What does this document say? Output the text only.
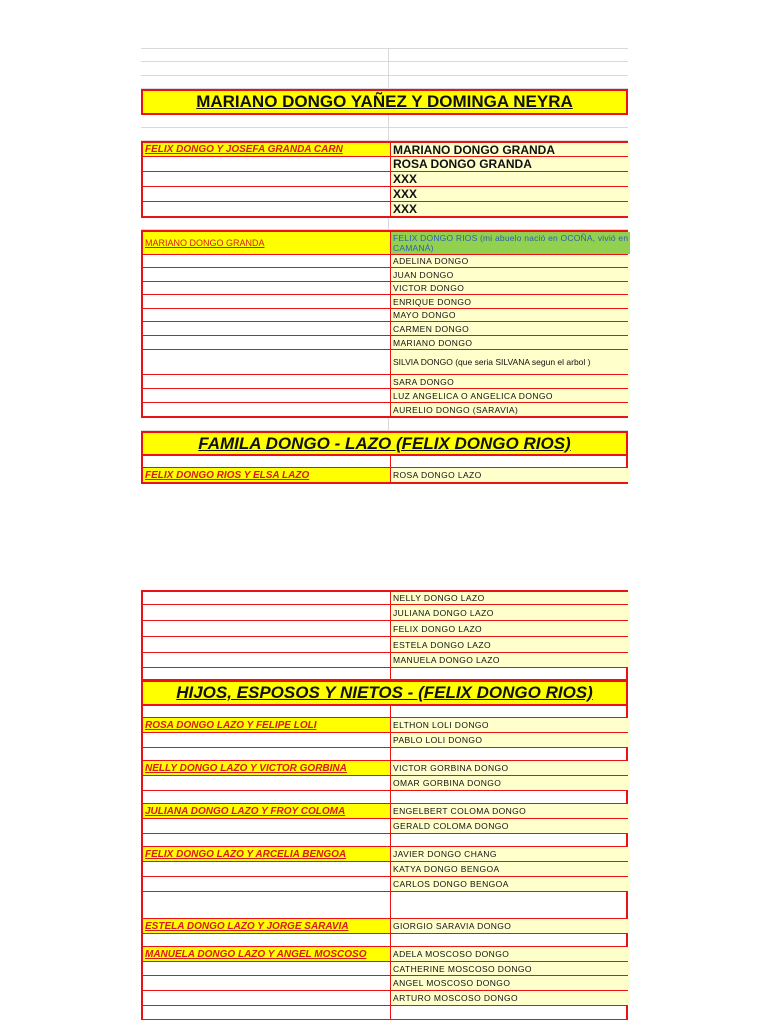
MARIANO DONGO YAÑEZ Y DOMINGA NEYRA
FELIX DONGO Y JOSEFA GRANDA CARN	MARIANO DONGO GRANDA
ROSA DONGO GRANDA
XXX
XXX
XXX
MARIANO DONGO GRANDA	FELIX DONGO RIOS (mi abuelo nació en OCOÑA, vivió en CAMANÁ)
ADELINA DONGO
JUAN DONGO
VICTOR DONGO
ENRIQUE DONGO
MAYO DONGO
CARMEN DONGO
MARIANO DONGO
SILVIA DONGO (que seria SILVANA segun el arbol )
SARA DONGO
LUZ ANGELICA O ANGELICA DONGO
AURELIO DONGO (SARAVIA)
FAMILA DONGO - LAZO (FELIX DONGO RIOS)
FELIX DONGO RIOS Y ELSA LAZO	ROSA DONGO LAZO
NELLY DONGO LAZO
JULIANA DONGO LAZO
FELIX DONGO LAZO
ESTELA DONGO LAZO
MANUELA DONGO LAZO
HIJOS, ESPOSOS Y NIETOS - (FELIX DONGO RIOS)
ROSA DONGO LAZO Y FELIPE LOLI	ELTHON LOLI DONGO
PABLO LOLI DONGO
NELLY DONGO LAZO Y VICTOR GORBINA	VICTOR GORBINA DONGO
OMAR GORBINA DONGO
JULIANA DONGO LAZO Y FROY COLOMA	ENGELBERT COLOMA DONGO
GERALD COLOMA DONGO
FELIX DONGO LAZO Y ARCELIA BENGOA	JAVIER DONGO CHANG
KATYA DONGO BENGOA
CARLOS DONGO BENGOA
ESTELA DONGO LAZO Y JORGE SARAVIA	GIORGIO SARAVIA DONGO
MANUELA DONGO LAZO Y ANGEL MOSCOSO	ADELA MOSCOSO DONGO
CATHERINE MOSCOSO DONGO
ANGEL MOSCOSO DONGO
ARTURO MOSCOSO DONGO
